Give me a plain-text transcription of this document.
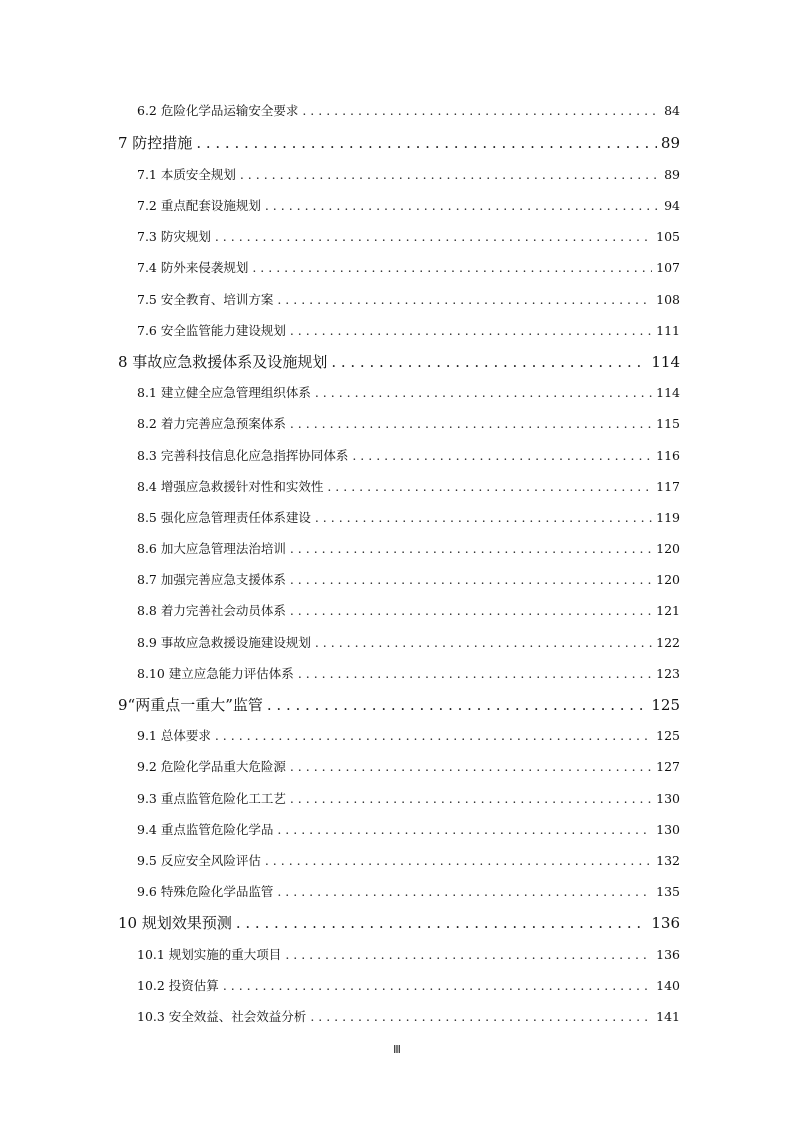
6.2 危险化学品运输安全要求 . . .	84
7 防控措施 . . .	89
7.1 本质安全规划 . . .	89
7.2 重点配套设施规划 . . .	94
7.3 防灾规划 . . .	105
7.4 防外来侵袭规划 . . .	107
7.5 安全教育、培训方案 . . .	108
7.6 安全监管能力建设规划 . . .	111
8 事故应急救援体系及设施规划 . . .	114
8.1 建立健全应急管理组织体系 . . .	114
8.2 着力完善应急预案体系 . . .	115
8.3 完善科技信息化应急指挥协同体系 . . .	116
8.4 增强应急救援针对性和实效性 . . .	117
8.5 强化应急管理责任体系建设 . . .	119
8.6 加大应急管理法治培训 . . .	120
8.7 加强完善应急支援体系 . . .	120
8.8 着力完善社会动员体系 . . .	121
8.9 事故应急救援设施建设规划 . . .	122
8.10 建立应急能力评估体系 . . .	123
9“两重点一重大”监管 . . .	125
9.1 总体要求 . . .	125
9.2 危险化学品重大危险源 . . .	127
9.3 重点监管危险化工工艺 . . .	130
9.4 重点监管危险化学品 . . .	130
9.5 反应安全风险评估 . . .	132
9.6 特殊危险化学品监管 . . .	135
10 规划效果预测 . . .	136
10.1 规划实施的重大项目 . . .	136
10.2 投资估算 . . .	140
10.3 安全效益、社会效益分析 . . .	141
III
